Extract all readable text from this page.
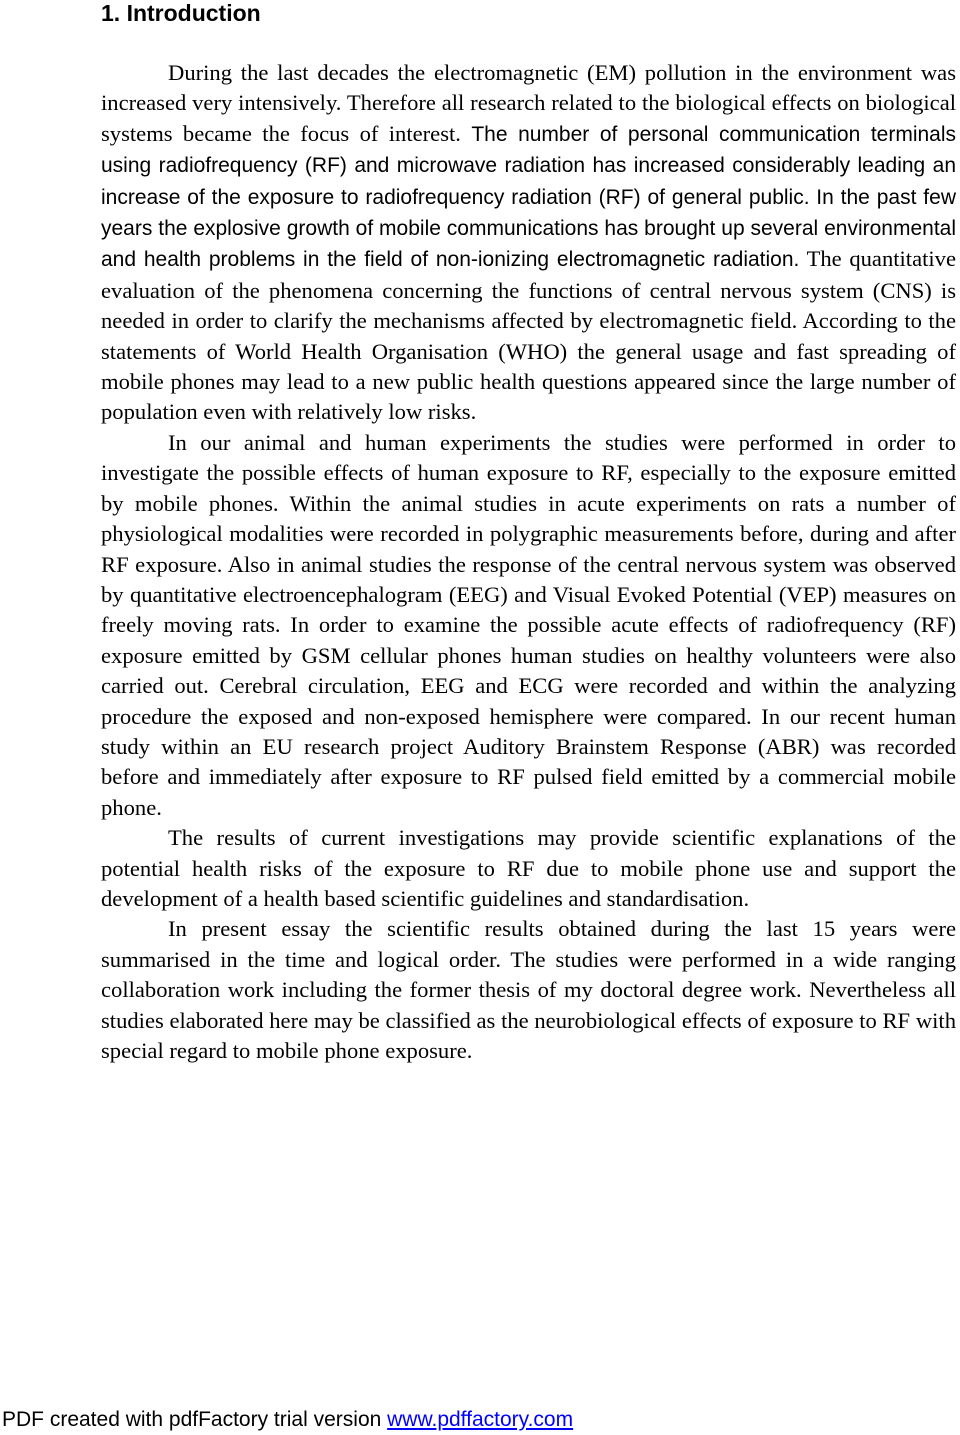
1. Introduction

During the last decades the electromagnetic (EM) pollution in the environment was increased very intensively. Therefore all research related to the biological effects on biological systems became the focus of interest. The number of personal communication terminals using radiofrequency (RF) and microwave radiation has increased considerably leading an increase of the exposure to radiofrequency radiation (RF) of general public. In the past few years the explosive growth of mobile communications has brought up several environmental and health problems in the field of non-ionizing electromagnetic radiation. The quantitative evaluation of the phenomena concerning the functions of central nervous system (CNS) is needed in order to clarify the mechanisms affected by electromagnetic field. According to the statements of World Health Organisation (WHO) the general usage and fast spreading of mobile phones may lead to a new public health questions appeared since the large number of population even with relatively low risks.

In our animal and human experiments the studies were performed in order to investigate the possible effects of human exposure to RF, especially to the exposure emitted by mobile phones. Within the animal studies in acute experiments on rats a number of physiological modalities were recorded in polygraphic measurements before, during and after RF exposure. Also in animal studies the response of the central nervous system was observed by quantitative electroencephalogram (EEG) and Visual Evoked Potential (VEP) measures on freely moving rats. In order to examine the possible acute effects of radiofrequency (RF) exposure emitted by GSM cellular phones human studies on healthy volunteers were also carried out. Cerebral circulation, EEG and ECG were recorded and within the analyzing procedure the exposed and non-exposed hemisphere were compared. In our recent human study within an EU research project Auditory Brainstem Response (ABR) was recorded before and immediately after exposure to RF pulsed field emitted by a commercial mobile phone.

The results of current investigations may provide scientific explanations of the potential health risks of the exposure to RF due to mobile phone use and support the development of a health based scientific guidelines and standardisation.

In present essay the scientific results obtained during the last 15 years were summarised in the time and logical order. The studies were performed in a wide ranging collaboration work including the former thesis of my doctoral degree work. Nevertheless all studies elaborated here may be classified as the neurobiological effects of exposure to RF with special regard to mobile phone exposure.

PDF created with pdfFactory trial version www.pdffactory.com
